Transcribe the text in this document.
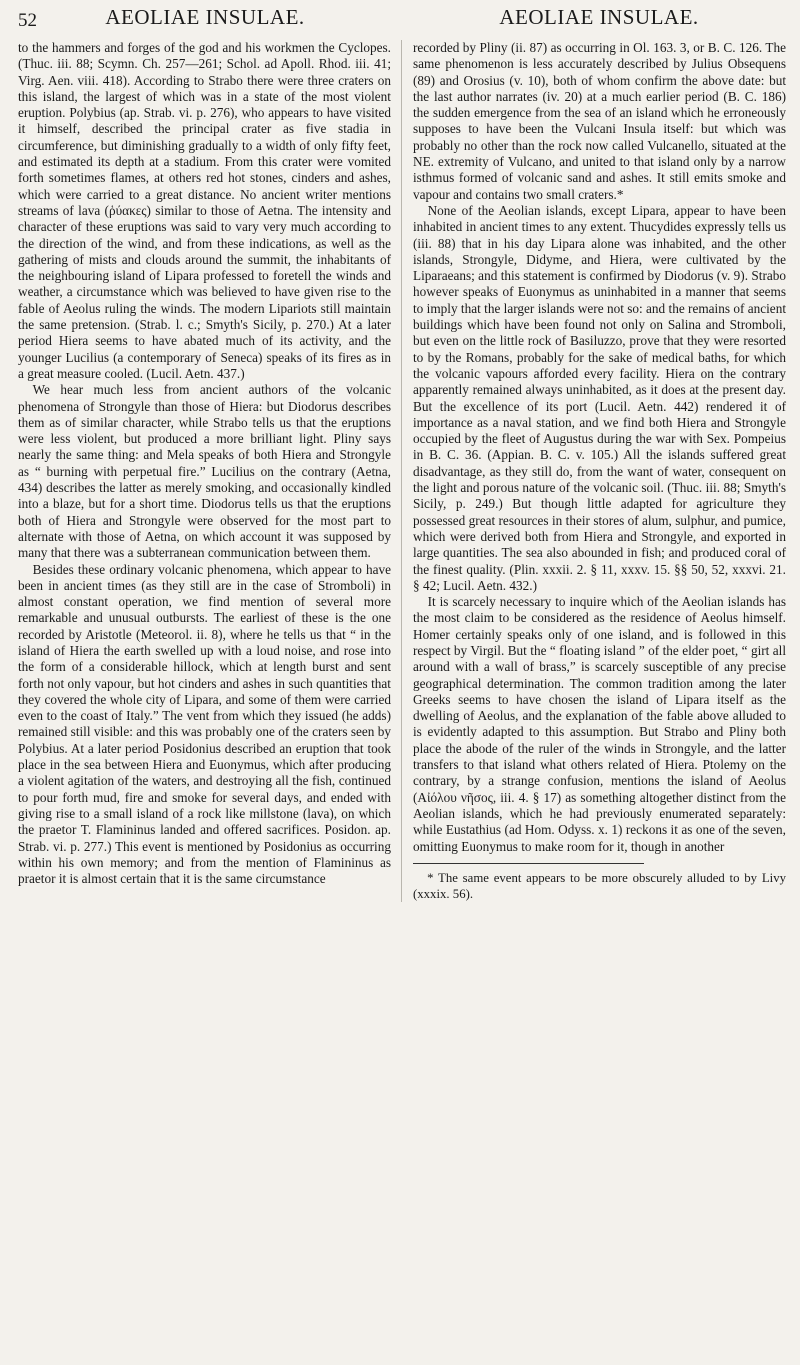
52	AEOLIAE INSULAE.	AEOLIAE INSULAE.

to the hammers and forges of the god and his workmen the Cyclopes. (Thuc. iii. 88; Scymn. Ch. 257—261; Schol. ad Apoll. Rhod. iii. 41; Virg. Aen. viii. 418). According to Strabo there were three craters on this island, the largest of which was in a state of the most violent eruption. Polybius (ap. Strab. vi. p. 276), who appears to have visited it himself, described the principal crater as five stadia in circumference, but diminishing gradually to a width of only fifty feet, and estimated its depth at a stadium. From this crater were vomited forth sometimes flames, at others red hot stones, cinders and ashes, which were carried to a great distance. No ancient writer mentions streams of lava (ῥύακες) similar to those of Aetna. The intensity and character of these eruptions was said to vary very much according to the direction of the wind, and from these indications, as well as the gathering of mists and clouds around the summit, the inhabitants of the neighbouring island of Lipara professed to foretell the winds and weather, a circumstance which was believed to have given rise to the fable of Aeolus ruling the winds. The modern Lipariots still maintain the same pretension. (Strab. l. c.; Smyth's Sicily, p. 270.) At a later period Hiera seems to have abated much of its activity, and the younger Lucilius (a contemporary of Seneca) speaks of its fires as in a great measure cooled. (Lucil. Aetn. 437.)

We hear much less from ancient authors of the volcanic phenomena of Strongyle than those of Hiera: but Diodorus describes them as of similar character, while Strabo tells us that the eruptions were less violent, but produced a more brilliant light. Pliny says nearly the same thing: and Mela speaks of both Hiera and Strongyle as “ burning with perpetual fire.” Lucilius on the contrary (Aetna, 434) describes the latter as merely smoking, and occasionally kindled into a blaze, but for a short time. Diodorus tells us that the eruptions both of Hiera and Strongyle were observed for the most part to alternate with those of Aetna, on which account it was supposed by many that there was a subterranean communication between them.

Besides these ordinary volcanic phenomena, which appear to have been in ancient times (as they still are in the case of Stromboli) in almost constant operation, we find mention of several more remarkable and unusual outbursts. The earliest of these is the one recorded by Aristotle (Meteorol. ii. 8), where he tells us that “ in the island of Hiera the earth swelled up with a loud noise, and rose into the form of a considerable hillock, which at length burst and sent forth not only vapour, but hot cinders and ashes in such quantities that they covered the whole city of Lipara, and some of them were carried even to the coast of Italy.” The vent from which they issued (he adds) remained still visible: and this was probably one of the craters seen by Polybius. At a later period Posidonius described an eruption that took place in the sea between Hiera and Euonymus, which after producing a violent agitation of the waters, and destroying all the fish, continued to pour forth mud, fire and smoke for several days, and ended with giving rise to a small island of a rock like millstone (lava), on which the praetor T. Flamininus landed and offered sacrifices. Posidon. ap. Strab. vi. p. 277.) This event is mentioned by Posidonius as occurring within his own memory; and from the mention of Flamininus as praetor it is almost certain that it is the same circumstance

recorded by Pliny (ii. 87) as occurring in Ol. 163. 3, or B. C. 126. The same phenomenon is less accurately described by Julius Obsequens (89) and Orosius (v. 10), both of whom confirm the above date: but the last author narrates (iv. 20) at a much earlier period (B. C. 186) the sudden emergence from the sea of an island which he erroneously supposes to have been the Vulcani Insula itself: but which was probably no other than the rock now called Vulcanello, situated at the NE. extremity of Vulcano, and united to that island only by a narrow isthmus formed of volcanic sand and ashes. It still emits smoke and vapour and contains two small craters.*

None of the Aeolian islands, except Lipara, appear to have been inhabited in ancient times to any extent. Thucydides expressly tells us (iii. 88) that in his day Lipara alone was inhabited, and the other islands, Strongyle, Didyme, and Hiera, were cultivated by the Liparaeans; and this statement is confirmed by Diodorus (v. 9). Strabo however speaks of Euonymus as uninhabited in a manner that seems to imply that the larger islands were not so: and the remains of ancient buildings which have been found not only on Salina and Stromboli, but even on the little rock of Basiluzzo, prove that they were resorted to by the Romans, probably for the sake of medical baths, for which the volcanic vapours afforded every facility. Hiera on the contrary apparently remained always uninhabited, as it does at the present day. But the excellence of its port (Lucil. Aetn. 442) rendered it of importance as a naval station, and we find both Hiera and Strongyle occupied by the fleet of Augustus during the war with Sex. Pompeius in B. C. 36. (Appian. B. C. v. 105.) All the islands suffered great disadvantage, as they still do, from the want of water, consequent on the light and porous nature of the volcanic soil. (Thuc. iii. 88; Smyth's Sicily, p. 249.) But though little adapted for agriculture they possessed great resources in their stores of alum, sulphur, and pumice, which were derived both from Hiera and Strongyle, and exported in large quantities. The sea also abounded in fish; and produced coral of the finest quality. (Plin. xxxii. 2. § 11, xxxv. 15. §§ 50, 52, xxxvi. 21. § 42; Lucil. Aetn. 432.)

It is scarcely necessary to inquire which of the Aeolian islands has the most claim to be considered as the residence of Aeolus himself. Homer certainly speaks only of one island, and is followed in this respect by Virgil. But the “ floating island ” of the elder poet, “ girt all around with a wall of brass,” is scarcely susceptible of any precise geographical determination. The common tradition among the later Greeks seems to have chosen the island of Lipara itself as the dwelling of Aeolus, and the explanation of the fable above alluded to is evidently adapted to this assumption. But Strabo and Pliny both place the abode of the ruler of the winds in Strongyle, and the latter transfers to that island what others related of Hiera. Ptolemy on the contrary, by a strange confusion, mentions the island of Aeolus (Αἰόλου νῆσος, iii. 4. § 17) as something altogether distinct from the Aeolian islands, which he had previously enumerated separately: while Eustathius (ad Hom. Odyss. x. 1) reckons it as one of the seven, omitting Euonymus to make room for it, though in another

* The same event appears to be more obscurely alluded to by Livy (xxxix. 56).
